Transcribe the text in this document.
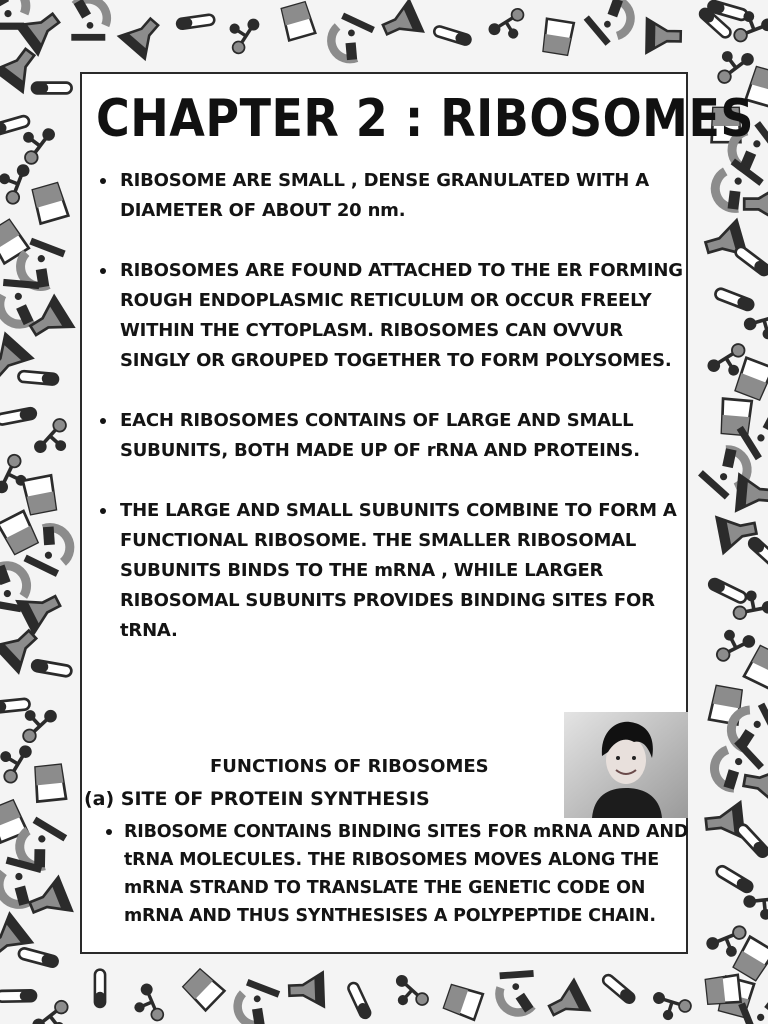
CHAPTER 2 : RIBOSOMES
RIBOSOME ARE SMALL , DENSE GRANULATED WITH A DIAMETER OF ABOUT 20 nm.
RIBOSOMES ARE FOUND ATTACHED TO THE ER FORMING ROUGH ENDOPLASMIC RETICULUM OR OCCUR FREELY WITHIN THE CYTOPLASM. RIBOSOMES CAN OVVUR SINGLY OR GROUPED TOGETHER TO FORM POLYSOMES.
EACH RIBOSOMES CONTAINS OF LARGE AND SMALL SUBUNITS, BOTH MADE UP OF rRNA AND PROTEINS.
THE LARGE AND SMALL SUBUNITS COMBINE TO FORM A FUNCTIONAL RIBOSOME. THE SMALLER RIBOSOMAL SUBUNITS BINDS TO THE mRNA , WHILE LARGER RIBOSOMAL SUBUNITS PROVIDES BINDING SITES FOR tRNA.
FUNCTIONS OF RIBOSOMES
(a) SITE OF PROTEIN SYNTHESIS
RIBOSOME CONTAINS BINDING SITES FOR mRNA AND AND tRNA MOLECULES. THE RIBOSOMES MOVES ALONG THE mRNA STRAND TO TRANSLATE THE GENETIC CODE ON mRNA AND THUS SYNTHESISES A POLYPEPTIDE CHAIN.
